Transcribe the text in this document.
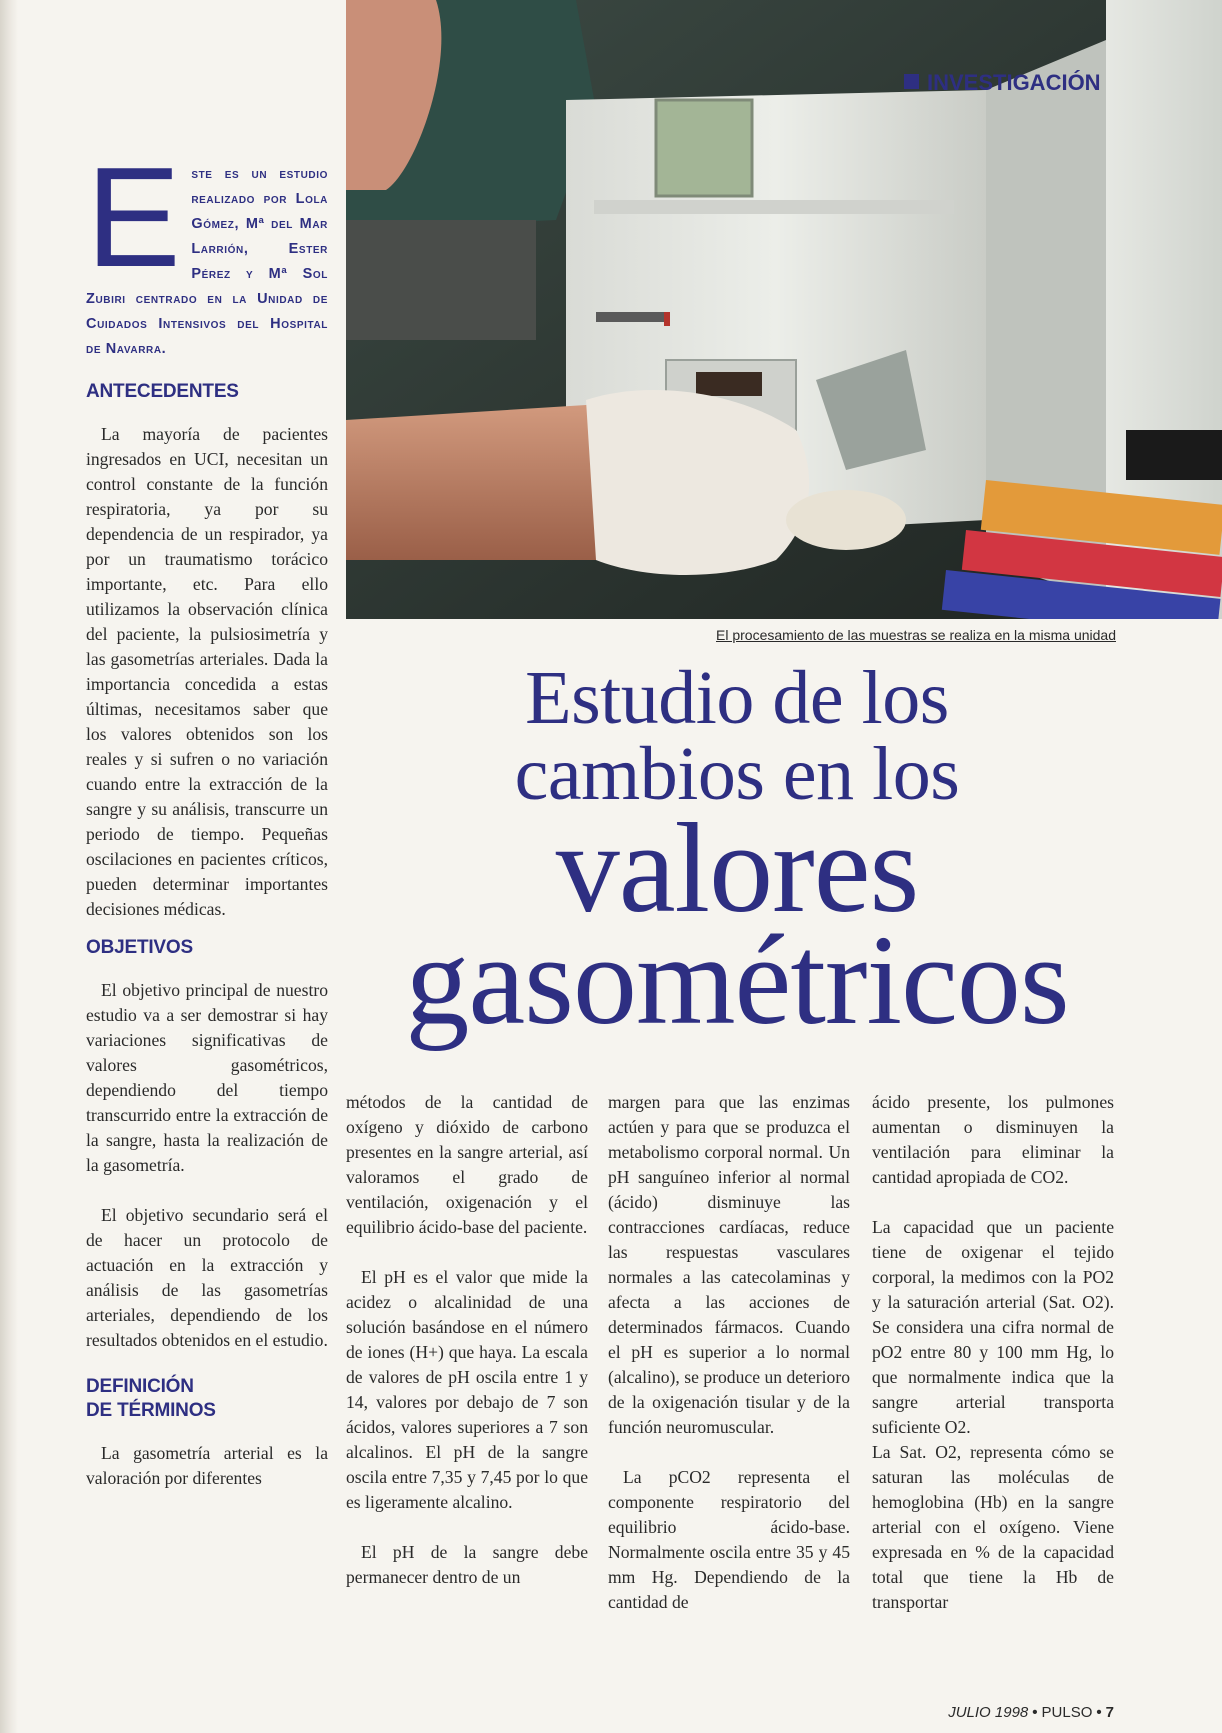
INVESTIGACIÓN
El procesamiento de las muestras se realiza en la misma unidad
Este es un estudio realizado por Lola Gómez, Mª del Mar Larrión, Ester Pérez y Mª Sol Zubiri centrado en la Unidad de Cuidados Intensivos del Hospital de Navarra.
ANTECEDENTES

La mayoría de pacientes ingresados en UCI, necesitan un control constante de la función respiratoria, ya por su dependencia de un respirador, ya por un traumatismo torácico importante, etc. Para ello utilizamos la observación clínica del paciente, la pulsiosimetría y las gasometrías arteriales. Dada la importancia concedida a estas últimas, necesitamos saber que los valores obtenidos son los reales y si sufren o no variación cuando entre la extracción de la sangre y su análisis, transcurre un periodo de tiempo. Pequeñas oscilaciones en pacientes críticos, pueden determinar importantes decisiones médicas.

OBJETIVOS

El objetivo principal de nuestro estudio va a ser demostrar si hay variaciones significativas de valores gasométricos, dependiendo del tiempo transcurrido entre la extracción de la sangre, hasta la realización de la gasometría.

El objetivo secundario será el de hacer un protocolo de actuación en la extracción y análisis de las gasometrías arteriales, dependiendo de los resultados obtenidos en el estudio.

DEFINICIÓN
DE TÉRMINOS

La gasometría arterial es la valoración por diferentes

Estudio de los
cambios en los
valores
gasométricos

métodos de la cantidad de oxígeno y dióxido de carbono presentes en la sangre arterial, así valoramos el grado de ventilación, oxigenación y el equilibrio ácido-base del paciente.

El pH es el valor que mide la acidez o alcalinidad de una solución basándose en el número de iones (H+) que haya. La escala de valores de pH oscila entre 1 y 14, valores por debajo de 7 son ácidos, valores superiores a 7 son alcalinos. El pH de la sangre oscila entre 7,35 y 7,45 por lo que es ligeramente alcalino.

El pH de la sangre debe permanecer dentro de un

margen para que las enzimas actúen y para que se produzca el metabolismo corporal normal. Un pH sanguíneo inferior al normal (ácido) disminuye las contracciones cardíacas, reduce las respuestas vasculares normales a las catecolaminas y afecta a las acciones de determinados fármacos. Cuando el pH es superior a lo normal (alcalino), se produce un deterioro de la oxigenación tisular y de la función neuromuscular.

La pCO2 representa el componente respiratorio del equilibrio ácido-base. Normalmente oscila entre 35 y 45 mm Hg. Dependiendo de la cantidad de

ácido presente, los pulmones aumentan o disminuyen la ventilación para eliminar la cantidad apropiada de CO2.

La capacidad que un paciente tiene de oxigenar el tejido corporal, la medimos con la PO2 y la saturación arterial (Sat. O2). Se considera una cifra normal de pO2 entre 80 y 100 mm Hg, lo que normalmente indica que la sangre arterial transporta suficiente O2.

La Sat. O2, representa cómo se saturan las moléculas de hemoglobina (Hb) en la sangre arterial con el oxígeno. Viene expresada en % de la capacidad total que tiene la Hb de transportar

JULIO 1998 • PULSO • 7
